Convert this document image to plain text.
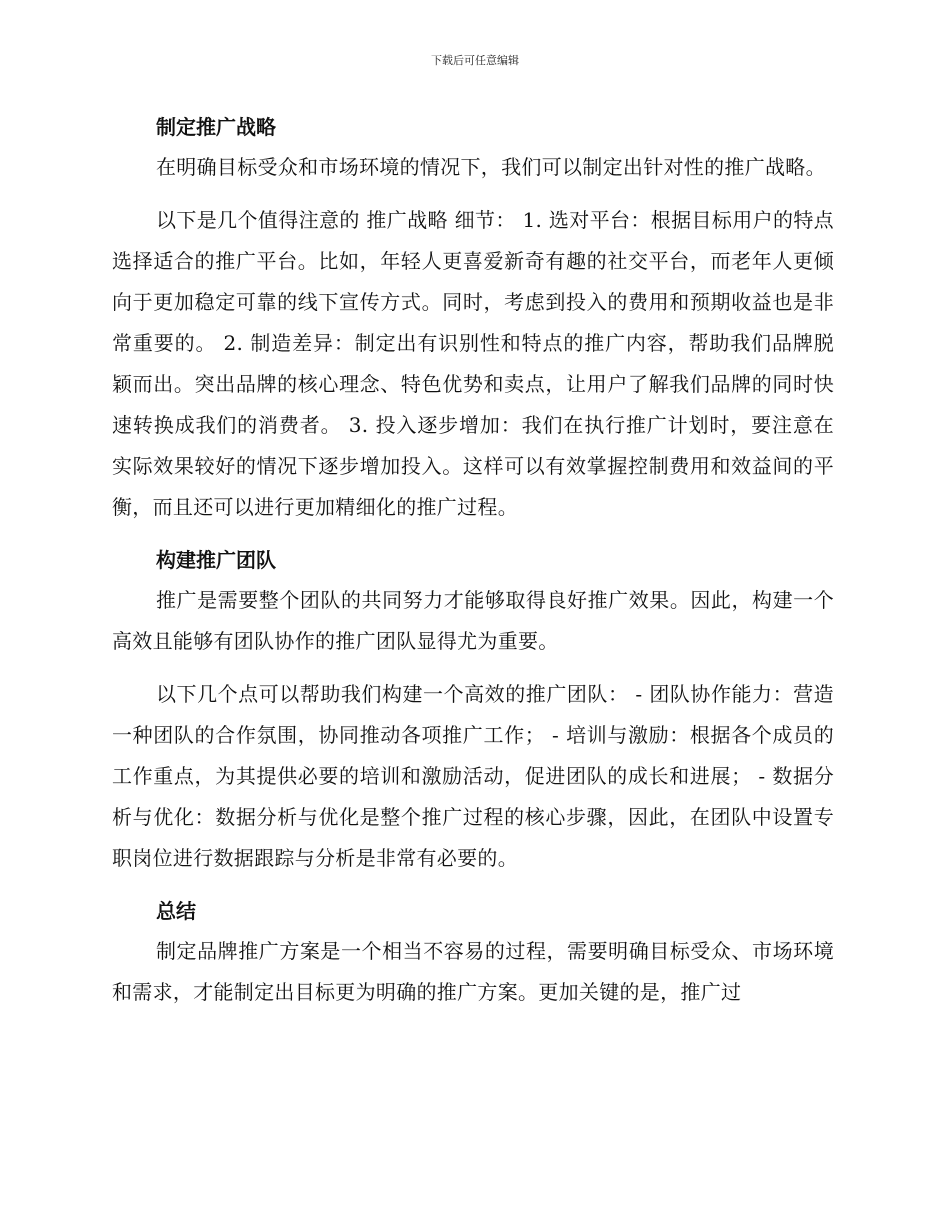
下载后可任意编辑
制定推广战略

在明确目标受众和市场环境的情况下，我们可以制定出针对性的推广战略。

以下是几个值得注意的 推广战略 细节： 1. 选对平台：根据目标用户的特点选择适合的推广平台。比如，年轻人更喜爱新奇有趣的社交平台，而老年人更倾向于更加稳定可靠的线下宣传方式。同时，考虑到投入的费用和预期收益也是非常重要的。 2. 制造差异：制定出有识别性和特点的推广内容，帮助我们品牌脱颖而出。突出品牌的核心理念、特色优势和卖点，让用户了解我们品牌的同时快速转换成我们的消费者。 3. 投入逐步增加：我们在执行推广计划时，要注意在实际效果较好的情况下逐步增加投入。这样可以有效掌握控制费用和效益间的平衡，而且还可以进行更加精细化的推广过程。

构建推广团队

推广是需要整个团队的共同努力才能够取得良好推广效果。因此，构建一个高效且能够有团队协作的推广团队显得尤为重要。

以下几个点可以帮助我们构建一个高效的推广团队： - 团队协作能力：营造一种团队的合作氛围，协同推动各项推广工作； - 培训与激励：根据各个成员的工作重点，为其提供必要的培训和激励活动，促进团队的成长和进展； - 数据分析与优化：数据分析与优化是整个推广过程的核心步骤，因此，在团队中设置专职岗位进行数据跟踪与分析是非常有必要的。

总结

制定品牌推广方案是一个相当不容易的过程，需要明确目标受众、市场环境和需求，才能制定出目标更为明确的推广方案。更加关键的是，推广过
